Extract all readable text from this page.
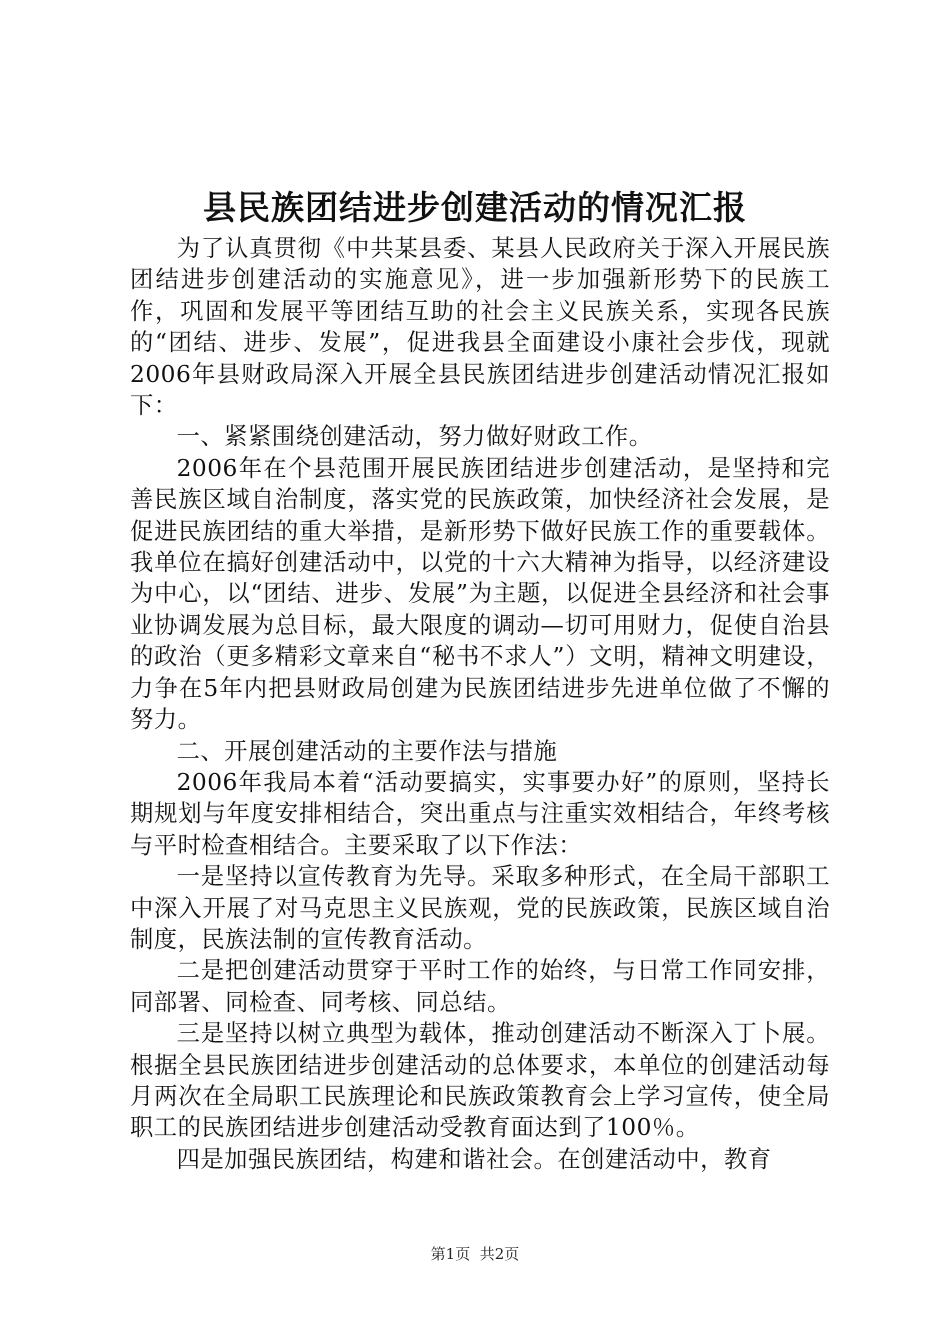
县民族团结进步创建活动的情况汇报

为了认真贯彻《中共某县委、某县人民政府关于深入开展民族团结进步创建活动的实施意见》，进一步加强新形势下的民族工作，巩固和发展平等团结互助的社会主义民族关系，实现各民族的“团结、进步、发展”，促进我县全面建设小康社会步伐，现就2006年县财政局深入开展全县民族团结进步创建活动情况汇报如下：

一、紧紧围绕创建活动，努力做好财政工作。

2006年在个县范围开展民族团结进步创建活动，是坚持和完善民族区域自治制度，落实党的民族政策，加快经济社会发展，是促进民族团结的重大举措，是新形势下做好民族工作的重要载体。我单位在搞好创建活动中，以党的十六大精神为指导，以经济建设为中心，以“团结、进步、发展”为主题，以促进全县经济和社会事业协调发展为总目标，最大限度的调动—切可用财力，促使自治县的政治（更多精彩文章来自“秘书不求人”）文明，精神文明建设，力争在5年内把县财政局创建为民族团结进步先进单位做了不懈的努力。

二、开展创建活动的主要作法与措施

2006年我局本着“活动要搞实，实事要办好”的原则，坚持长期规划与年度安排相结合，突出重点与注重实效相结合，年终考核与平时检查相结合。主要采取了以下作法：

一是坚持以宣传教育为先导。采取多种形式，在全局干部职工中深入开展了对马克思主义民族观，党的民族政策，民族区域自治制度，民族法制的宣传教育活动。

二是把创建活动贯穿于平时工作的始终，与日常工作同安排，同部署、同检查、同考核、同总结。

三是坚持以树立典型为载体，推动创建活动不断深入丁卜展。根据全县民族团结进步创建活动的总体要求，本单位的创建活动每月两次在全局职工民族理论和民族政策教育会上学习宣传，使全局职工的民族团结进步创建活动受教育面达到了100％。

四是加强民族团结，构建和谐社会。在创建活动中，教育

第1页 共2页
